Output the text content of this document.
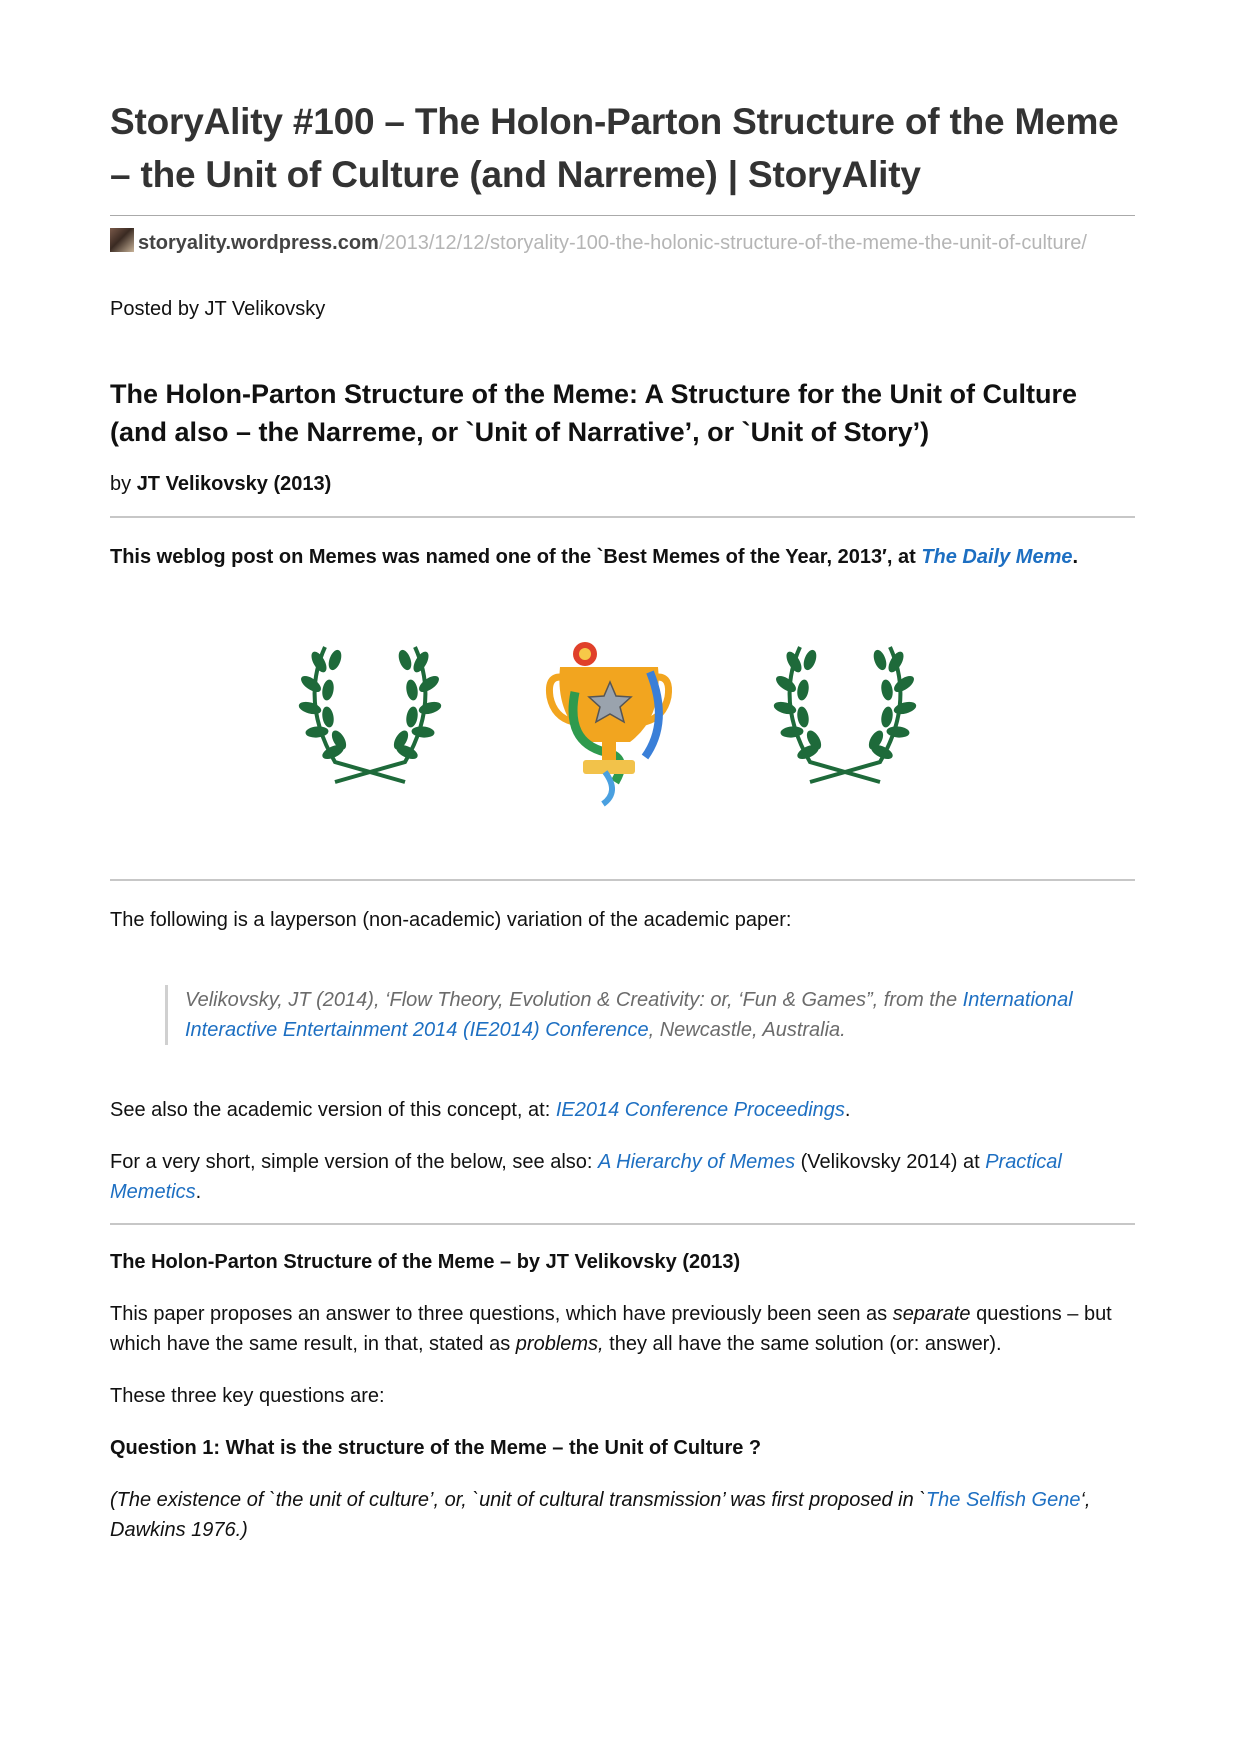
StoryAlity #100 – The Holon-Parton Structure of the Meme – the Unit of Culture (and Narreme) | StoryAlity
storyality.wordpress.com/2013/12/12/storyality-100-the-holonic-structure-of-the-meme-the-unit-of-culture/
Posted by JT Velikovsky
The Holon-Parton Structure of the Meme: A Structure for the Unit of Culture (and also – the Narreme, or `Unit of Narrative’, or `Unit of Story’)
by JT Velikovsky (2013)
This weblog post on Memes was named one of the `Best Memes of the Year, 2013′, at The Daily Meme.

The following is a layperson (non-academic) variation of the academic paper:

Velikovsky, JT (2014), ‘Flow Theory, Evolution & Creativity: or, ‘Fun & Games”, from the International Interactive Entertainment 2014 (IE2014) Conference, Newcastle, Australia.

See also the academic version of this concept, at: IE2014 Conference Proceedings.

For a very short, simple version of the below, see also: A Hierarchy of Memes (Velikovsky 2014) at Practical Memetics.

The Holon-Parton Structure of the Meme – by JT Velikovsky (2013)

This paper proposes an answer to three questions, which have previously been seen as separate questions – but which have the same result, in that, stated as problems, they all have the same solution (or: answer).

These three key questions are:

Question 1: What is the structure of the Meme – the Unit of Culture ?

(The existence of `the unit of culture’, or, `unit of cultural transmission’ was first proposed in `The Selfish Gene‘, Dawkins 1976.)
